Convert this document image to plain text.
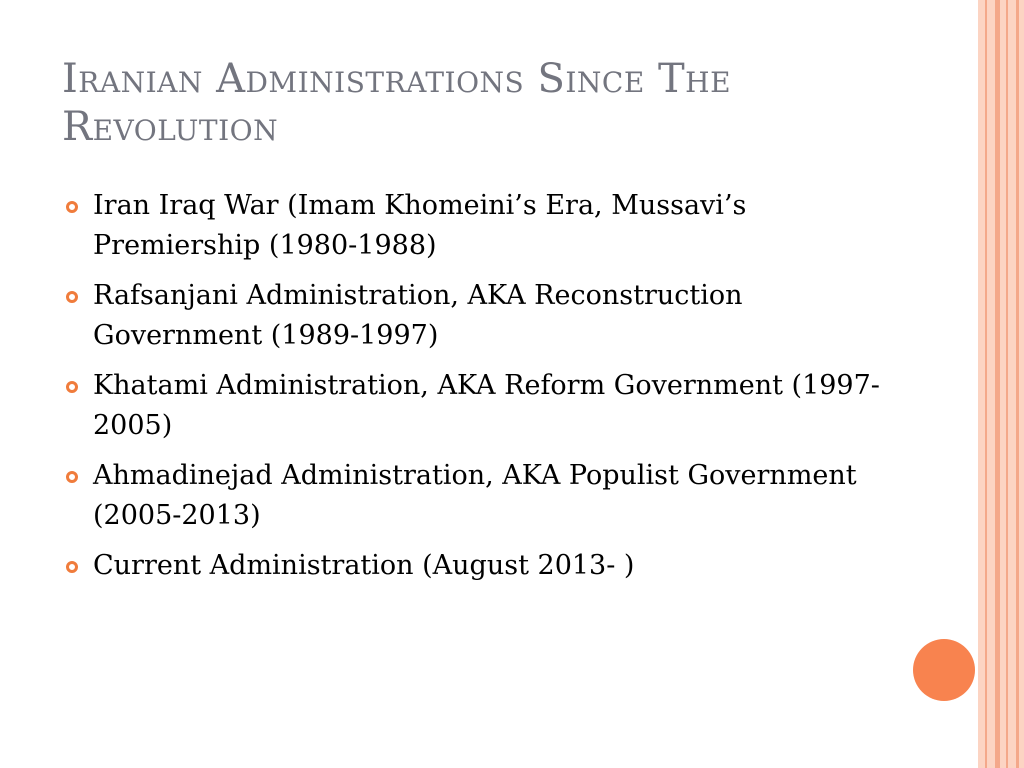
Iranian Administrations Since The Revolution
Iran Iraq War (Imam Khomeini’s Era, Mussavi’s Premiership (1980-1988)
Rafsanjani Administration, AKA Reconstruction Government (1989-1997)
Khatami Administration, AKA Reform Government (1997-2005)
Ahmadinejad Administration, AKA Populist Government (2005-2013)
Current Administration (August 2013- )
